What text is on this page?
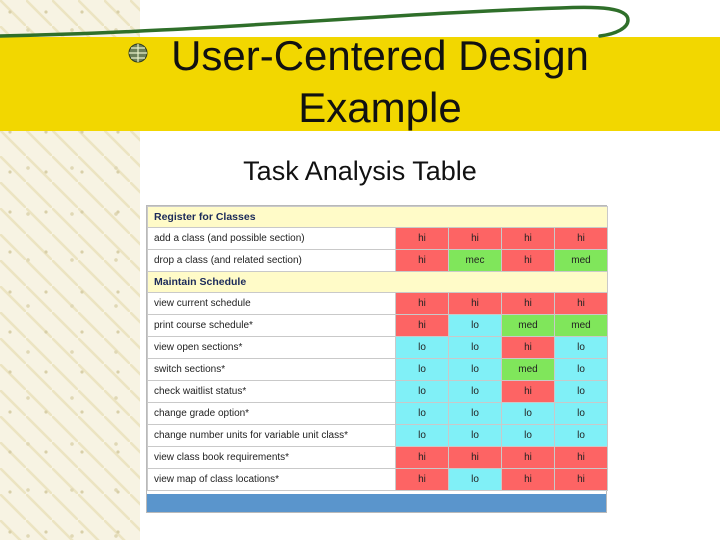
User-Centered Design Example
Task Analysis Table
Register for Classes				
add a class (and possible section)	hi	hi	hi	hi
drop a class (and related section)	hi	mec	hi	med
Maintain Schedule				
view current schedule	hi	hi	hi	hi
print course schedule*	hi	lo	med	med
view open sections*	lo	lo	hi	lo
switch sections*	lo	lo	med	lo
check waitlist status*	lo	lo	hi	lo
change grade option*	lo	lo	lo	lo
change number units for variable unit class*	lo	lo	lo	lo
view class book requirements*	hi	hi	hi	hi
view map of class locations*	hi	lo	hi	hi
